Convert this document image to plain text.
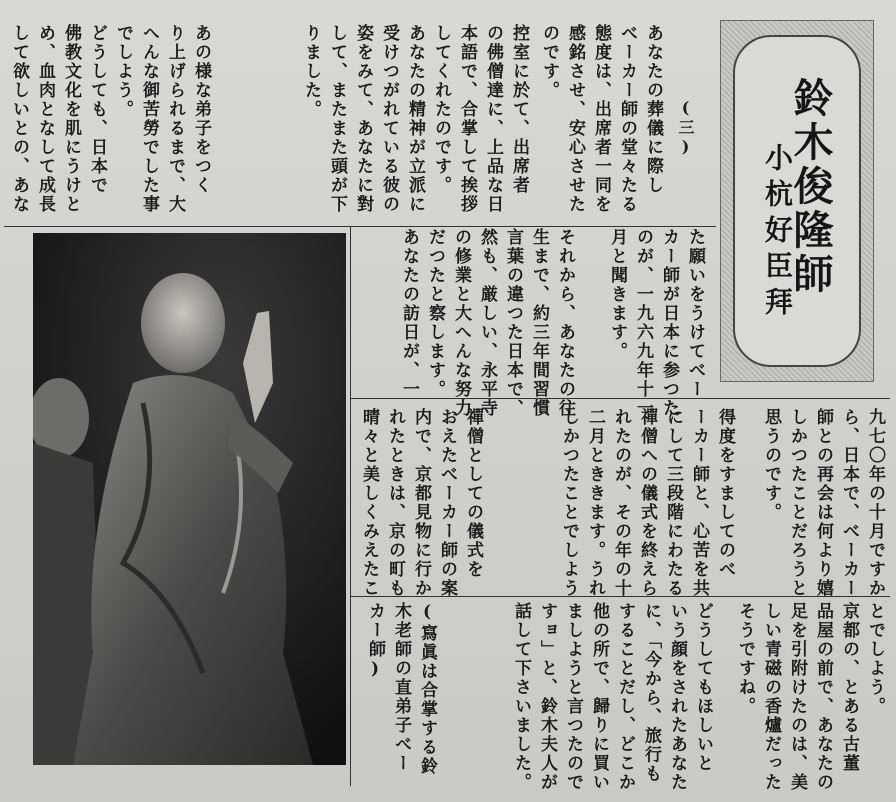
鈴木俊隆師
小杭好臣拜
(三)
あなたの葬儀に際し
べーカー師の堂々たる
態度は、出席者一同を
感銘させ、安心させた
のです。
控室に於て、出席者
の佛僧達に、上品な日
本語で、合掌して挨拶
してくれたのです。
あなたの精神が立派に
受けつがれている彼の
姿をみて、あなたに對
して、またまた頭が下
りました。
あの様な弟子をつく
り上げられるまで、大
へんな御苦勞でした事
でしよう。
どうしても、日本で
佛教文化を肌にうけと
め、血肉となして成長
して欲しいとの、あな
た願いをうけてべー
カー師が日本に参つた
のが、一九六九年十一
月と聞きます。
それから、あなたの往
生まで、約三年間習慣
言葉の違つた日本で、
然も、厳しい、永平寺
の修業と大へんな努力
だつたと察します。
あなたの訪日が、一
九七〇年の十月ですか
ら、日本で、べーカー
師との再会は何より嬉
しかつたことだろうと
思うのです。
得度をすましてのべ
ーカー師と、心苦を共
にして三段階にわたる
禪僧への儀式を終えら
れたのが、その年の十
二月とききます。うれ
しかつたことでしよう
禪僧としての儀式を
おえたべーカー師の案
内で、京都見物に行か
れたときは、京の町も
晴々と美しくみえたこ
とでしよう。
京都の、とある古董
品屋の前で、あなたの
足を引附けたのは、美
しい青磁の香爐だった
そうですね。
どうしてもほしいと
いう顔をされたあなた
に、「今から、旅行も
することだし、どこか
他の所で、歸りに買い
ましようと言つたので
すョ」と、鈴木夫人が
話して下さいました。
(寫眞は合掌する鈴
木老師の直弟子べー
カー師)
